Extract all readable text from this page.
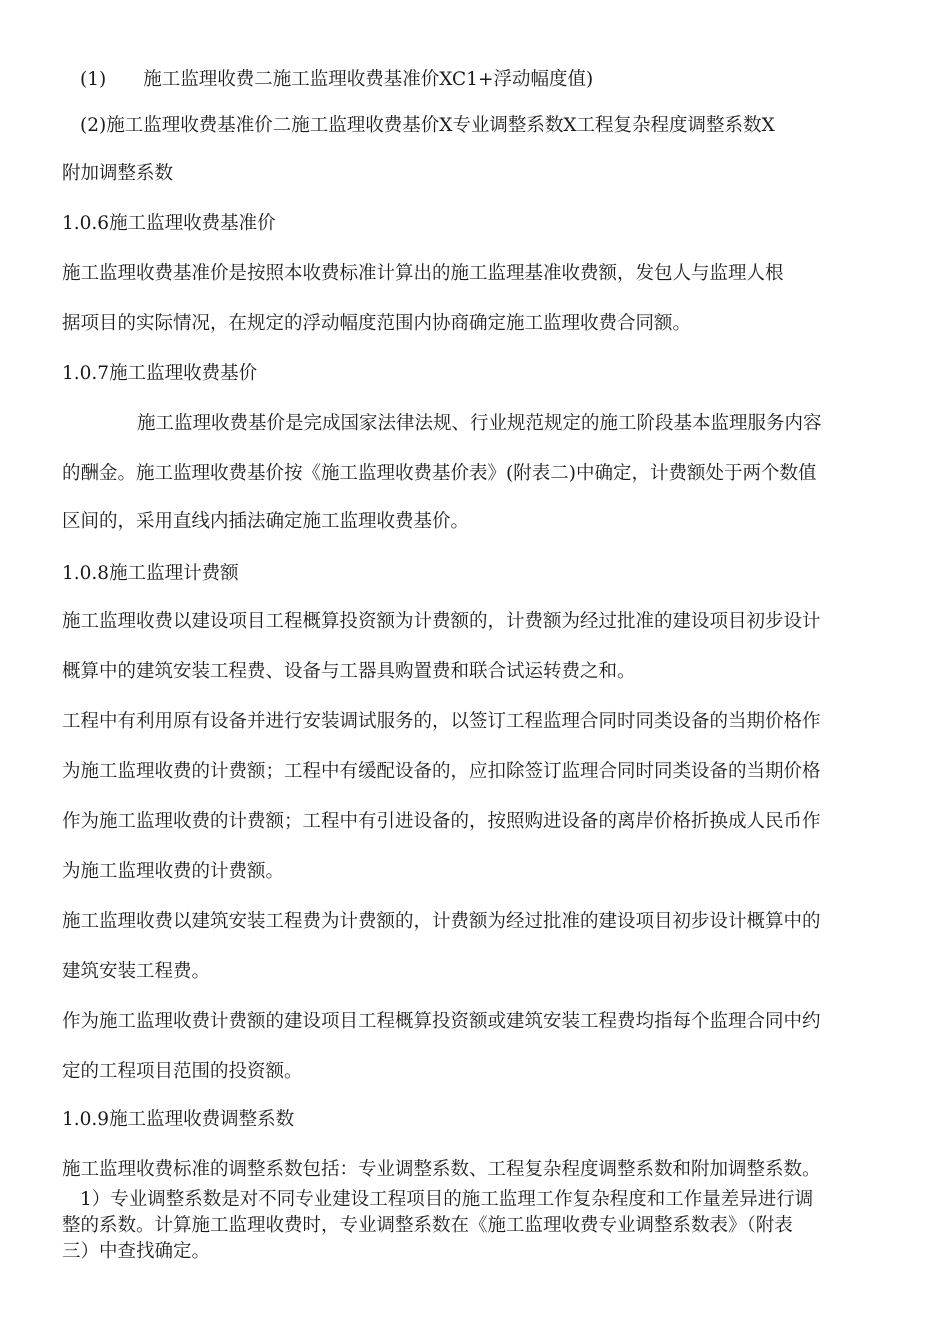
(1)　　施工监理收费二施工监理收费基准价XC1+浮动幅度值)

(2)施工监理收费基准价二施工监理收费基价X专业调整系数X工程复杂程度调整系数X

附加调整系数

1.0.6施工监理收费基准价

施工监理收费基准价是按照本收费标准计算出的施工监理基准收费额，发包人与监理人根

据项目的实际情况，在规定的浮动幅度范围内协商确定施工监理收费合同额。

1.0.7施工监理收费基价

施工监理收费基价是完成国家法律法规、行业规范规定的施工阶段基本监理服务内容

的酬金。施工监理收费基价按《施工监理收费基价表》(附表二)中确定，计费额处于两个数值

区间的，采用直线内插法确定施工监理收费基价。

1.0.8施工监理计费额

施工监理收费以建设项目工程概算投资额为计费额的，计费额为经过批准的建设项目初步设计

概算中的建筑安装工程费、设备与工器具购置费和联合试运转费之和。

工程中有利用原有设备并进行安装调试服务的，以签订工程监理合同时同类设备的当期价格作

为施工监理收费的计费额；工程中有缓配设备的，应扣除签订监理合同时同类设备的当期价格

作为施工监理收费的计费额；工程中有引进设备的，按照购进设备的离岸价格折换成人民币作

为施工监理收费的计费额。

施工监理收费以建筑安装工程费为计费额的，计费额为经过批准的建设项目初步设计概算中的

建筑安装工程费。

作为施工监理收费计费额的建设项目工程概算投资额或建筑安装工程费均指每个监理合同中约

定的工程项目范围的投资额。

1.0.9施工监理收费调整系数

施工监理收费标准的调整系数包括：专业调整系数、工程复杂程度调整系数和附加调整系数。

1）专业调整系数是对不同专业建设工程项目的施工监理工作复杂程度和工作量差异进行调

整的系数。计算施工监理收费时，专业调整系数在《施工监理收费专业调整系数表》（附表

三）中查找确定。
